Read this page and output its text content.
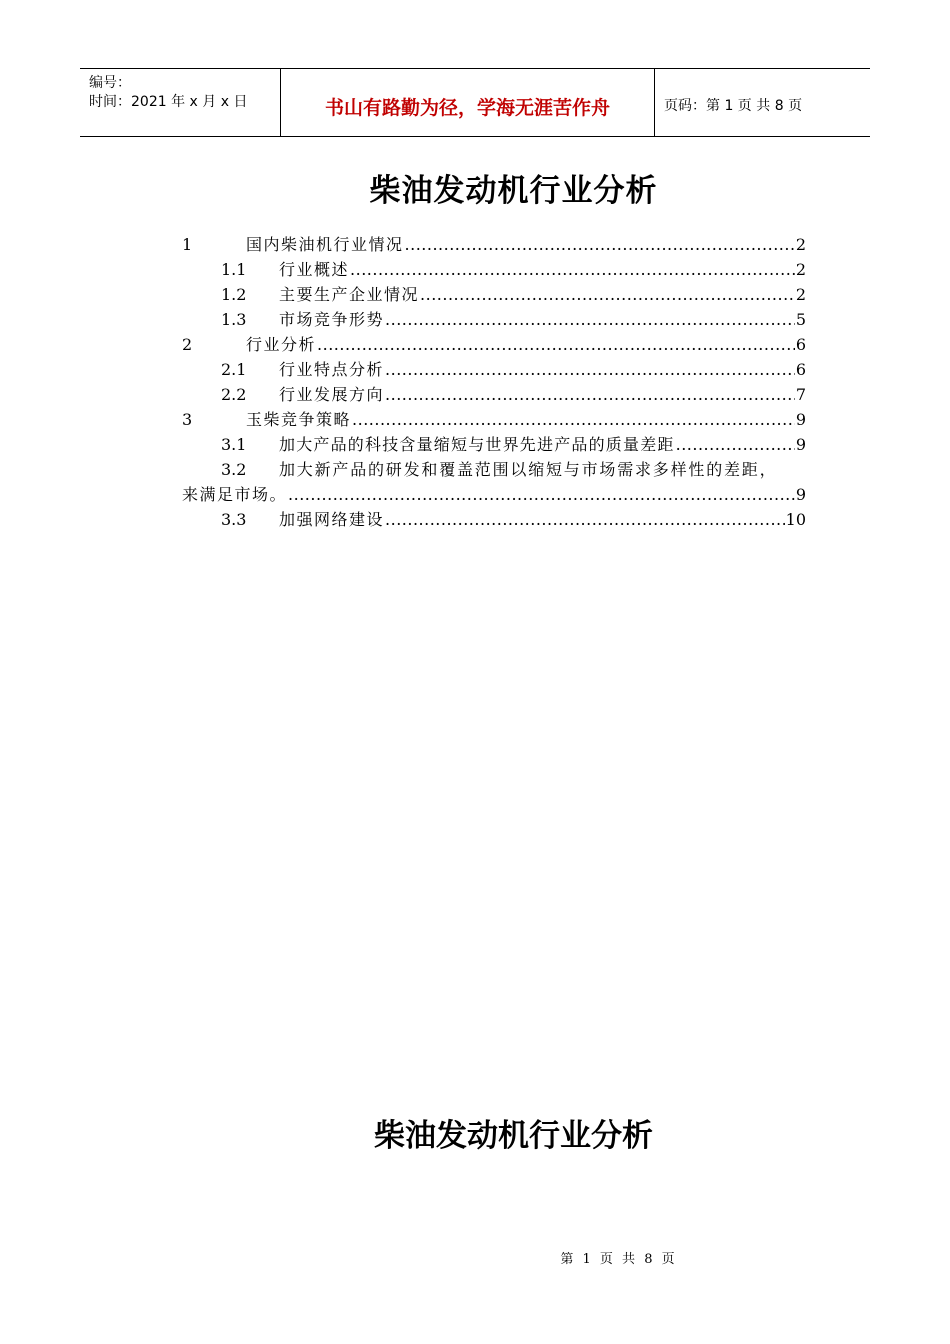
编号：
时间：2021 年 x 月 x 日	书山有路勤为径，学海无涯苦作舟	页码：第 1 页 共 8 页
柴油发动机行业分析
1	国内柴油机行业情况 .....	2
1.1	行业概述 .....	2
1.2	主要生产企业情况 .....	2
1.3	市场竞争形势 .....	5
2	行业分析 .....	6
2.1	行业特点分析 .....	6
2.2	行业发展方向 .....	7
3	玉柴竞争策略 .....	9
3.1	加大产品的科技含量缩短与世界先进产品的质量差距 .....	9
3.2	加大新产品的研发和覆盖范围以缩短与市场需求多样性的差距，
来满足市场。 .....	9
3.3	加强网络建设 .....	10
柴油发动机行业分析
第 1 页 共 8 页
